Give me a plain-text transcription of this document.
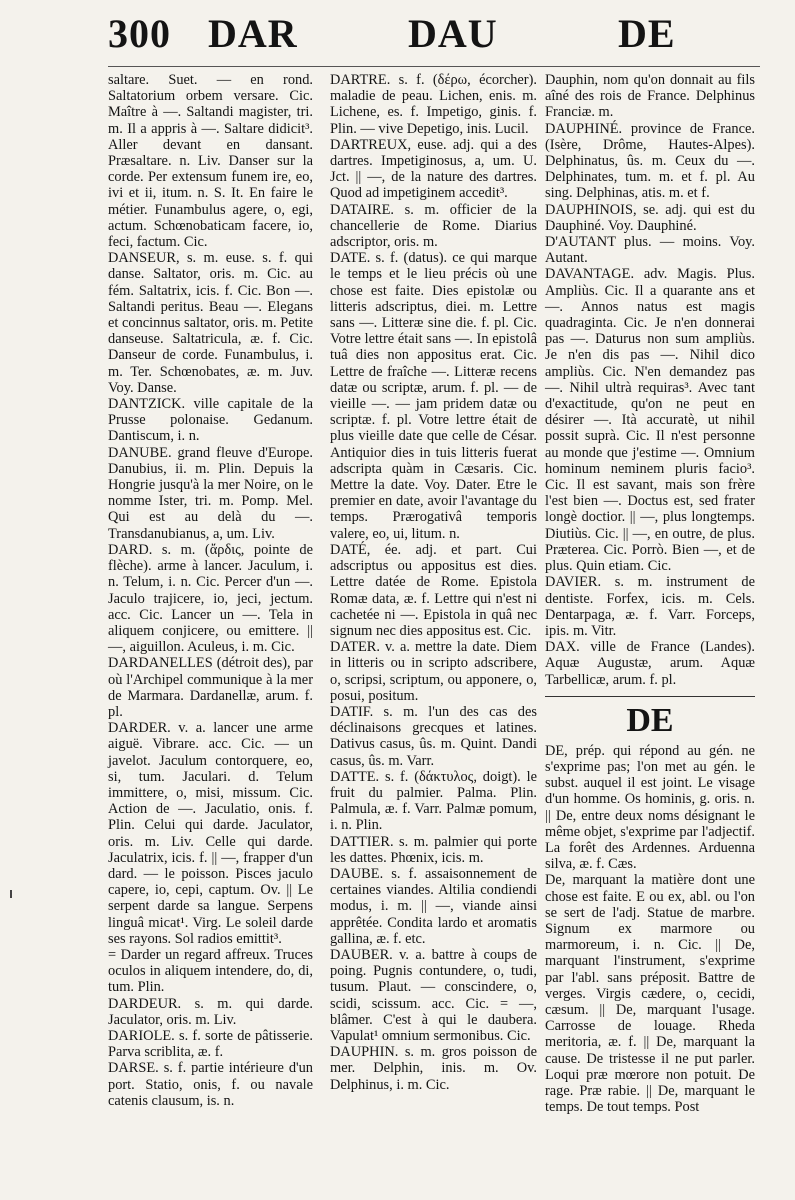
300 DAR	DAU	DE

saltare. Suet. — en rond. Saltatorium orbem versare. Cic. Maître à —. Saltandi magister, tri. m. Il a appris à —. Saltare didicit³. Aller devant en dansant. Præsaltare. n. Liv. Danser sur la corde. Per extensum funem ire, eo, ivi et ii, itum. n. S. It. En faire le métier. Funambulus agere, o, egi, actum. Schœnobaticam facere, io, feci, factum. Cic.

DANSEUR, s. m. euse. s. f. qui danse. Saltator, oris. m. Cic. au fém. Saltatrix, icis. f. Cic. Bon —. Saltandi peritus. Beau —. Elegans et concinnus saltator, oris. m. Petite danseuse. Saltatricula, æ. f. Cic. Danseur de corde. Funambulus, i. m. Ter. Schœnobates, æ. m. Juv. Voy. Danse.

DANTZICK. ville capitale de la Prusse polonaise. Gedanum. Dantiscum, i. n.

DANUBE. grand fleuve d'Europe. Danubius, ii. m. Plin. Depuis la Hongrie jusqu'à la mer Noire, on le nomme Ister, tri. m. Pomp. Mel. Qui est au delà du —. Transdanubianus, a, um. Liv.

DARD. s. m. (ἄρδις, pointe de flèche). arme à lancer. Jaculum, i. n. Telum, i. n. Cic. Percer d'un —. Jaculo trajicere, io, jeci, jectum. acc. Cic. Lancer un —. Tela in aliquem conjicere, ou emittere. || —, aiguillon. Aculeus, i. m. Cic.

DARDANELLES (détroit des), par où l'Archipel communique à la mer de Marmara. Dardanellæ, arum. f. pl.

DARDER. v. a. lancer une arme aiguë. Vibrare. acc. Cic. — un javelot. Jaculum contorquere, eo, si, tum. Jaculari. d. Telum immittere, o, misi, missum. Cic. Action de —. Jaculatio, onis. f. Plin. Celui qui darde. Jaculator, oris. m. Liv. Celle qui darde. Jaculatrix, icis. f. || —, frapper d'un dard. — le poisson. Pisces jaculo capere, io, cepi, captum. Ov. || Le serpent darde sa langue. Serpens linguâ micat¹. Virg. Le soleil darde ses rayons. Sol radios emittit³.

= Darder un regard affreux. Truces oculos in aliquem intendere, do, di, tum. Plin.

DARDEUR. s. m. qui darde. Jaculator, oris. m. Liv.

DARIOLE. s. f. sorte de pâtisserie. Parva scriblita, æ. f.

DARSE. s. f. partie intérieure d'un port. Statio, onis, f. ou navale catenis clausum, is. n.

DARTRE. s. f. (δέρω, écorcher). maladie de peau. Lichen, enis. m. Lichene, es. f. Impetigo, ginis. f. Plin. — vive Depetigo, inis. Lucil.

DARTREUX, euse. adj. qui a des dartres. Impetiginosus, a, um. U. Jct. || —, de la nature des dartres. Quod ad impetiginem accedit³.

DATAIRE. s. m. officier de la chancellerie de Rome. Diarius adscriptor, oris. m.

DATE. s. f. (datus). ce qui marque le temps et le lieu précis où une chose est faite. Dies epistolæ ou litteris adscriptus, diei. m. Lettre sans —. Litteræ sine die. f. pl. Cic. Votre lettre était sans —. In epistolâ tuâ dies non appositus erat. Cic. Lettre de fraîche —. Litteræ recens datæ ou scriptæ, arum. f. pl. — de vieille —. — jam pridem datæ ou scriptæ. f. pl. Votre lettre était de plus vieille date que celle de César. Antiquior dies in tuis litteris fuerat adscripta quàm in Cæsaris. Cic. Mettre la date. Voy. Dater. Etre le premier en date, avoir l'avantage du temps. Prærogativâ temporis valere, eo, ui, litum. n.

DATÉ, ée. adj. et part. Cui adscriptus ou appositus est dies. Lettre datée de Rome. Epistola Romæ data, æ. f. Lettre qui n'est ni cachetée ni —. Epistola in quâ nec signum nec dies appositus est. Cic.

DATER. v. a. mettre la date. Diem in litteris ou in scripto adscribere, o, scripsi, scriptum, ou apponere, o, posui, positum.

DATIF. s. m. l'un des cas des déclinaisons grecques et latines. Dativus casus, ûs. m. Quint. Dandi casus, ûs. m. Varr.

DATTE. s. f. (δάκτυλος, doigt). le fruit du palmier. Palma. Plin. Palmula, æ. f. Varr. Palmæ pomum, i. n. Plin.

DATTIER. s. m. palmier qui porte les dattes. Phœnix, icis. m.

DAUBE. s. f. assaisonnement de certaines viandes. Altilia condiendi modus, i. m. || —, viande ainsi apprêtée. Condita lardo et aromatis gallina, æ. f. etc.

DAUBER. v. a. battre à coups de poing. Pugnis contundere, o, tudi, tusum. Plaut. — conscindere, o, scidi, scissum. acc. Cic. = —, blâmer. C'est à qui le daubera. Vapulat¹ omnium sermonibus. Cic.

DAUPHIN. s. m. gros poisson de mer. Delphin, inis. m. Ov. Delphinus, i. m. Cic.

Dauphin, nom qu'on donnait au fils aîné des rois de France. Delphinus Franciæ. m.

DAUPHINÉ. province de France. (Isère, Drôme, Hautes-Alpes). Delphinatus, ûs. m. Ceux du —. Delphinates, tum. m. et f. pl. Au sing. Delphinas, atis. m. et f.

DAUPHINOIS, se. adj. qui est du Dauphiné. Voy. Dauphiné.

D'AUTANT plus. — moins. Voy. Autant.

DAVANTAGE. adv. Magis. Plus. Ampliùs. Cic. Il a quarante ans et —. Annos natus est magis quadraginta. Cic. Je n'en donnerai pas —. Daturus non sum ampliùs. Je n'en dis pas —. Nihil dico ampliùs. Cic. N'en demandez pas —. Nihil ultrà requiras³. Avec tant d'exactitude, qu'on ne peut en désirer —. Ità accuratè, ut nihil possit suprà. Cic. Il n'est personne au monde que j'estime —. Omnium hominum neminem pluris facio³. Cic. Il est savant, mais son frère l'est bien —. Doctus est, sed frater longè doctior. || —, plus longtemps. Diutiùs. Cic. || —, en outre, de plus. Præterea. Cic. Porrò. Bien —, et de plus. Quin etiam. Cic.

DAVIER. s. m. instrument de dentiste. Forfex, icis. m. Cels. Dentarpaga, æ. f. Varr. Forceps, ipis. m. Vitr.

DAX. ville de France (Landes). Aquæ Augustæ, arum. Aquæ Tarbellicæ, arum. f. pl.

DE

DE, prép. qui répond au gén. ne s'exprime pas; l'on met au gén. le subst. auquel il est joint. Le visage d'un homme. Os hominis, g. oris. n. || De, entre deux noms désignant le même objet, s'exprime par l'adjectif. La forêt des Ardennes. Arduenna silva, æ. f. Cæs.

De, marquant la matière dont une chose est faite. E ou ex, abl. ou l'on se sert de l'adj. Statue de marbre. Signum ex marmore ou marmoreum, i. n. Cic. || De, marquant l'instrument, s'exprime par l'abl. sans préposit. Battre de verges. Virgis cædere, o, cecidi, cæsum. || De, marquant l'usage. Carrosse de louage. Rheda meritoria, æ. f. || De, marquant la cause. De tristesse il ne put parler. Loqui præ mœrore non potuit. De rage. Præ rabie. || De, marquant le temps. De tout temps. Post
